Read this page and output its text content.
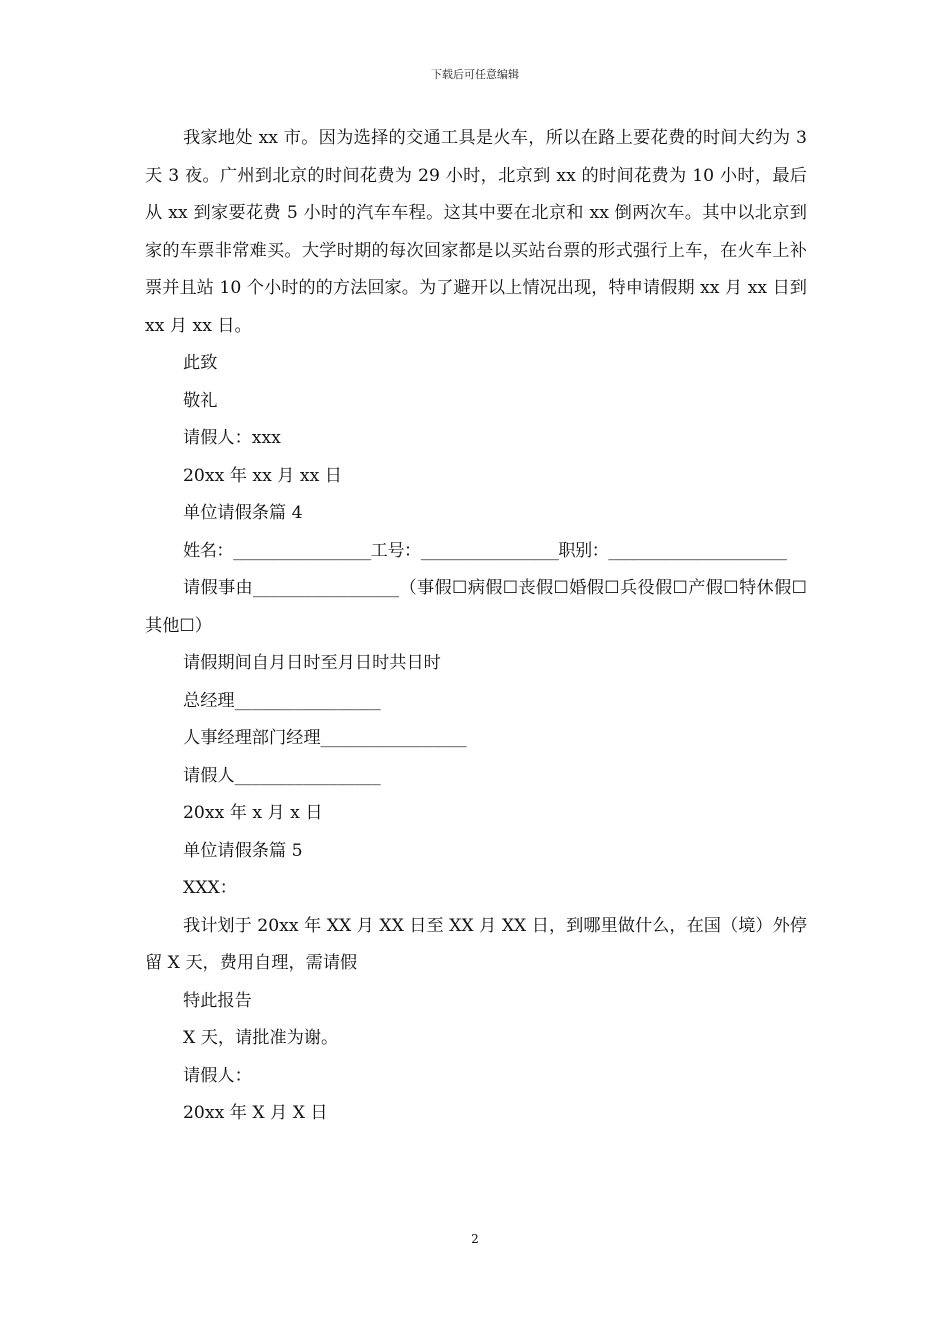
下载后可任意编辑

我家地处 xx 市。因为选择的交通工具是火车，所以在路上要花费的时间大约为 3 天 3 夜。广州到北京的时间花费为 29 小时，北京到 xx 的时间花费为 10 小时，最后从 xx 到家要花费 5 小时的汽车车程。这其中要在北京和 xx 倒两次车。其中以北京到家的车票非常难买。大学时期的每次回家都是以买站台票的形式强行上车，在火车上补票并且站 10 个小时的的方法回家。为了避开以上情况出现，特申请假期 xx 月 xx 日到 xx 月 xx 日。

此致

敬礼

请假人：xxx

20xx 年 xx 月 xx 日

单位请假条篇 4

姓名：_________________工号：_________________职别：______________________

请假事由_________________（事假☐病假☐丧假☐婚假☐兵役假☐产假☐特休假☐其他☐）

请假期间自月日时至月日时共日时

总经理_________________

人事经理部门经理_________________

请假人_________________

20xx 年 x 月 x 日

单位请假条篇 5

XXX：

我计划于 20xx 年 XX 月 XX 日至 XX 月 XX 日，到哪里做什么，在国（境）外停留 X 天，费用自理，需请假

特此报告

X 天，请批准为谢。

请假人：

20xx 年 X 月 X 日

2
